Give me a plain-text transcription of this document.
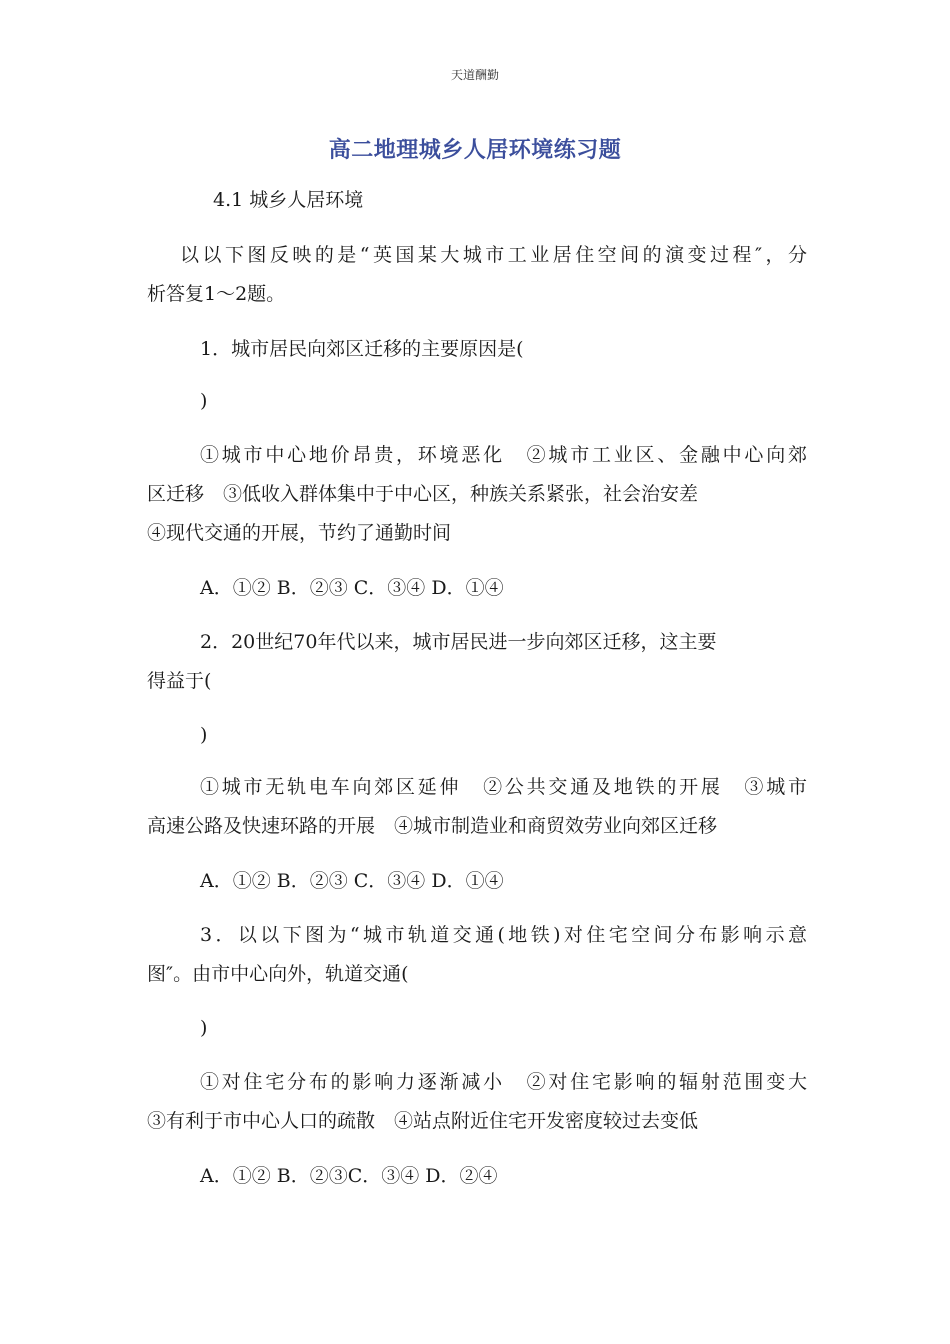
天道酬勤
高二地理城乡人居环境练习题
4.1 城乡人居环境
以以下图反映的是“英国某大城市工业居住空间的演变过程″，分
析答复1～2题。
1．城市居民向郊区迁移的主要原因是(
)
①城市中心地价昂贵，环境恶化　②城市工业区、金融中心向郊
区迁移　③低收入群体集中于中心区，种族关系紧张，社会治安差
④现代交通的开展，节约了通勤时间
A．①② B．②③ C．③④ D．①④
2．20世纪70年代以来，城市居民进一步向郊区迁移，这主要
得益于(
)
①城市无轨电车向郊区延伸　②公共交通及地铁的开展　③城市
高速公路及快速环路的开展　④城市制造业和商贸效劳业向郊区迁移
A．①② B．②③ C．③④ D．①④
3．以以下图为“城市轨道交通(地铁)对住宅空间分布影响示意
图″。由市中心向外，轨道交通(
)
①对住宅分布的影响力逐渐减小　②对住宅影响的辐射范围变大
③有利于市中心人口的疏散　④站点附近住宅开发密度较过去变低
A．①② B．②③C．③④ D．②④
